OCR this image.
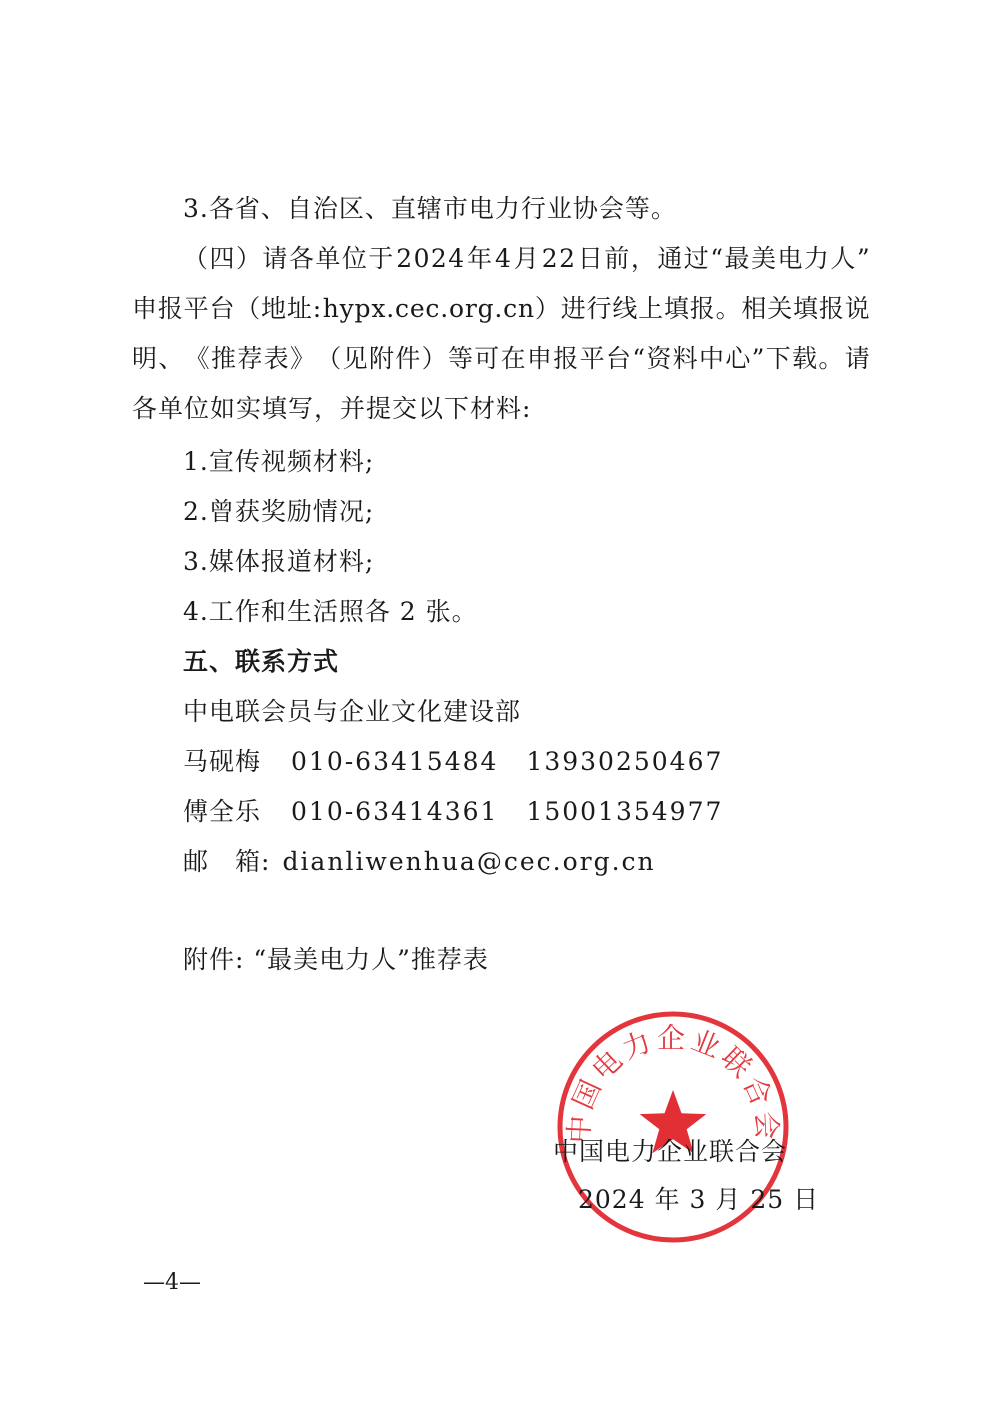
3.各省、自治区、直辖市电力行业协会等。
（ 四 ） 请 各 单 位 于 2 0 2 4 年 4 月 2 2 日 前 ， 通 过 “ 最 美 电 力 人 ”
申 报 平 台 （ 地 址 : h y p x . c e c . o r g . c n ） 进 行 线 上 填 报 。 相 关 填 报 说
明 、 《 推 荐 表 》 （ 见 附 件 ） 等 可 在 申 报 平 台 “ 资 料 中 心 ” 下 载 。 请
各单位如实填写，并提交以下材料:
1.宣传视频材料;
2.曾获奖励情况;
3.媒体报道材料;
4.工作和生活照各 2 张。
五、联系方式
中电联会员与企业文化建设部
马砚梅 010-63415484 13930250467
傅全乐 010-63414361 15001354977
邮　箱: dianliwenhua@cec.org.cn
附件: “最美电力人”推荐表
中国电力企业联合会
中国电力企业联合会
2024 年 3 月 25 日
—4—
